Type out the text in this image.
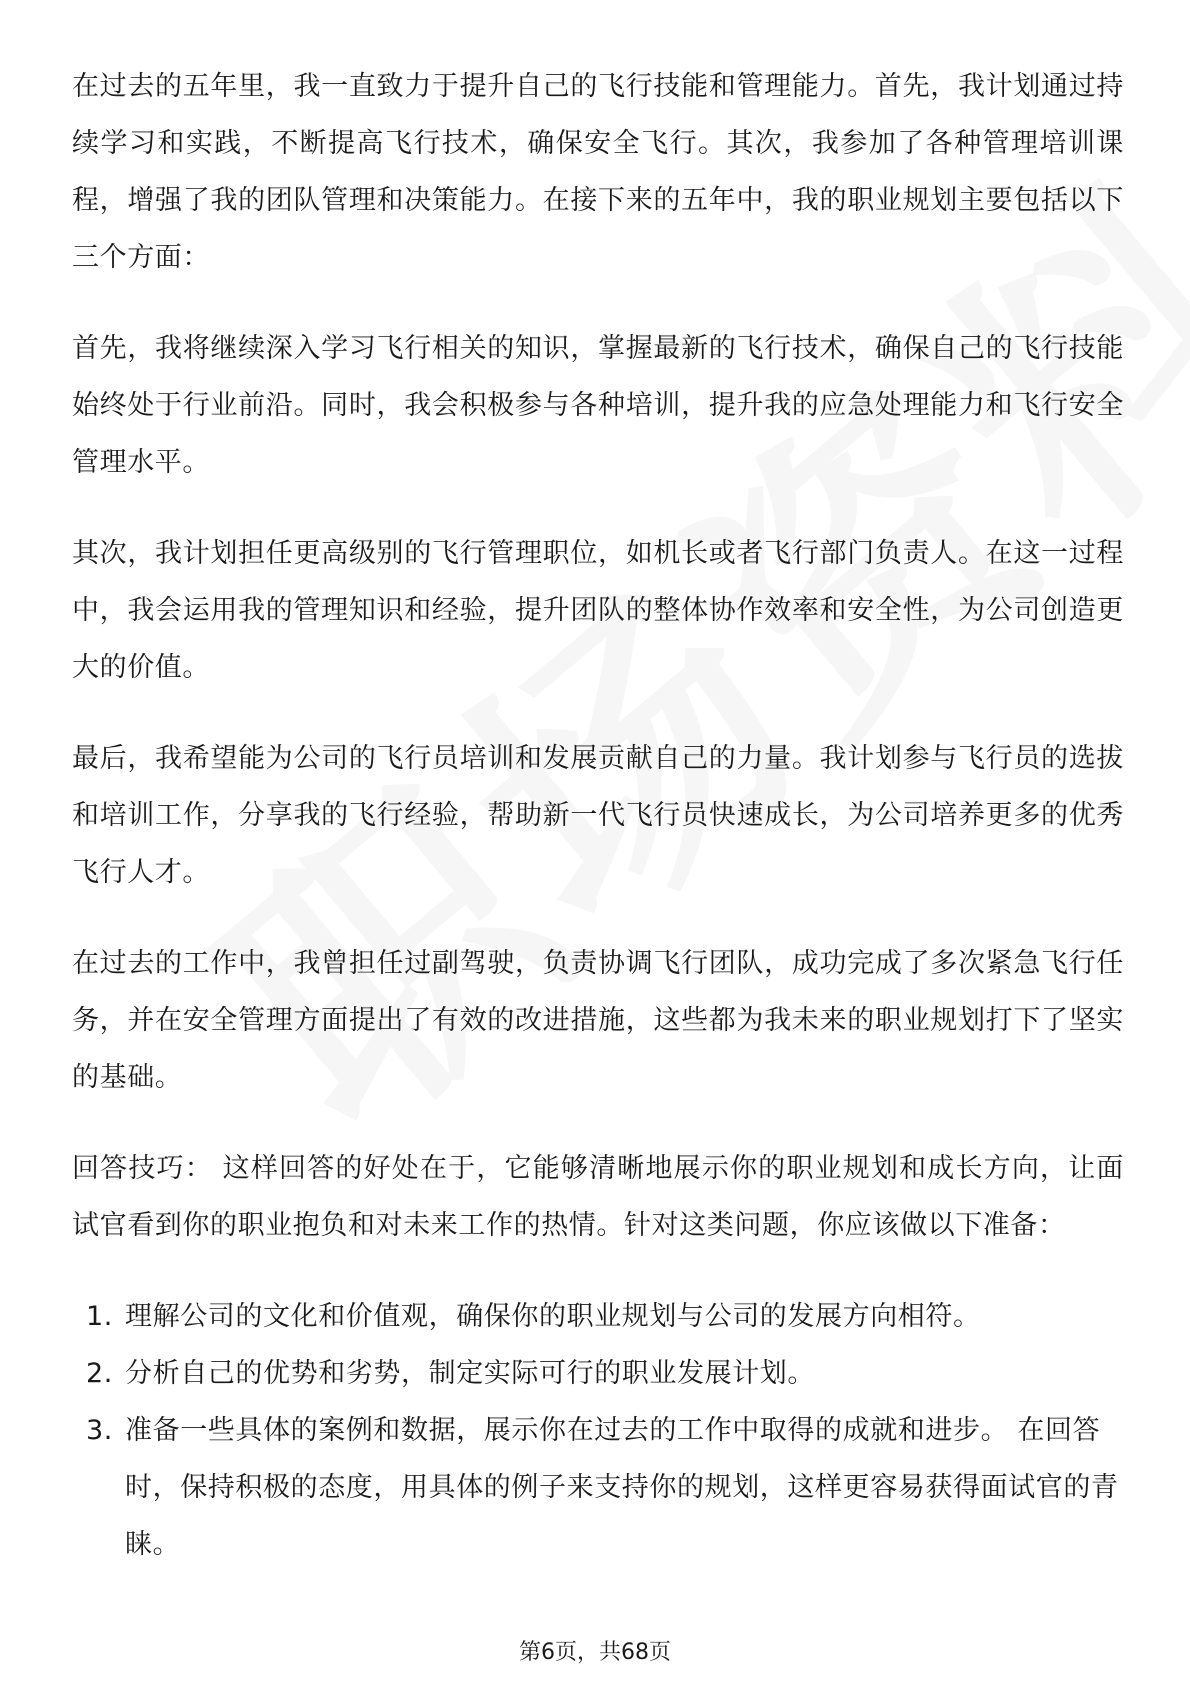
在过去的五年里，我一直致力于提升自己的飞行技能和管理能力。首先，我计划通过持续学习和实践，不断提高飞行技术，确保安全飞行。其次，我参加了各种管理培训课程，增强了我的团队管理和决策能力。在接下来的五年中，我的职业规划主要包括以下三个方面：

首先，我将继续深入学习飞行相关的知识，掌握最新的飞行技术，确保自己的飞行技能始终处于行业前沿。同时，我会积极参与各种培训，提升我的应急处理能力和飞行安全管理水平。

其次，我计划担任更高级别的飞行管理职位，如机长或者飞行部门负责人。在这一过程中，我会运用我的管理知识和经验，提升团队的整体协作效率和安全性，为公司创造更大的价值。

最后，我希望能为公司的飞行员培训和发展贡献自己的力量。我计划参与飞行员的选拔和培训工作，分享我的飞行经验，帮助新一代飞行员快速成长，为公司培养更多的优秀飞行人才。

在过去的工作中，我曾担任过副驾驶，负责协调飞行团队，成功完成了多次紧急飞行任务，并在安全管理方面提出了有效的改进措施，这些都为我未来的职业规划打下了坚实的基础。

回答技巧： 这样回答的好处在于，它能够清晰地展示你的职业规划和成长方向，让面试官看到你的职业抱负和对未来工作的热情。针对这类问题，你应该做以下准备：

1. 理解公司的文化和价值观，确保你的职业规划与公司的发展方向相符。
2. 分析自己的优势和劣势，制定实际可行的职业发展计划。
3. 准备一些具体的案例和数据，展示你在过去的工作中取得的成就和进步。 在回答时，保持积极的态度，用具体的例子来支持你的规划，这样更容易获得面试官的青睐。
第6页，共68页
